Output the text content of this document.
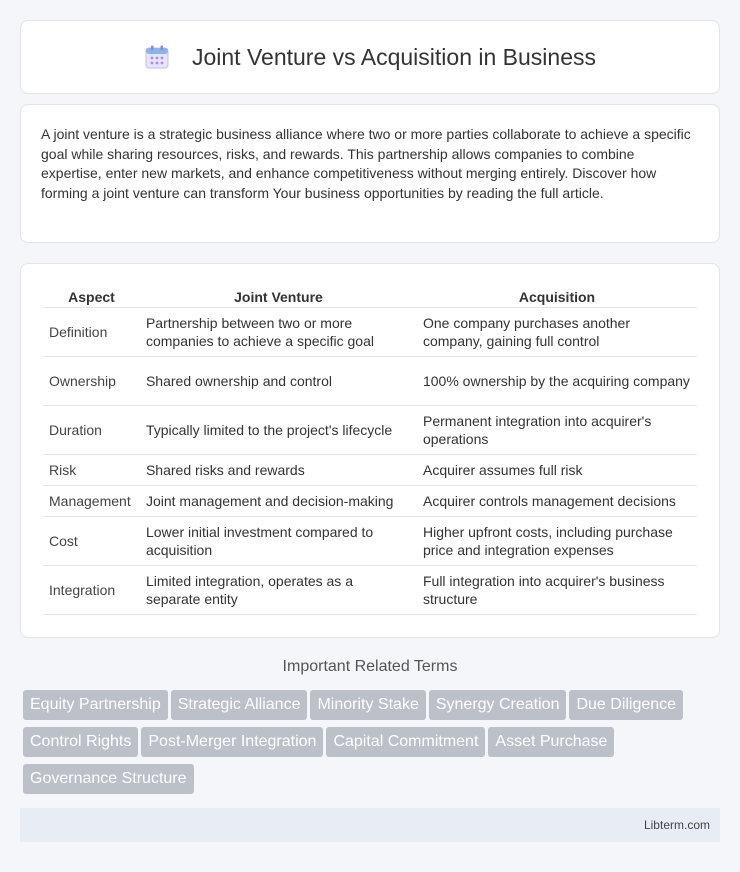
Joint Venture vs Acquisition in Business

A joint venture is a strategic business alliance where two or more parties collaborate to achieve a specific goal while sharing resources, risks, and rewards. This partnership allows companies to combine expertise, enter new markets, and enhance competitiveness without merging entirely. Discover how forming a joint venture can transform Your business opportunities by reading the full article.

Aspect	Joint Venture	Acquisition
Definition	Partnership between two or more companies to achieve a specific goal	One company purchases another company, gaining full control
Ownership	Shared ownership and control	100% ownership by the acquiring company
Duration	Typically limited to the project's lifecycle	Permanent integration into acquirer's operations
Risk	Shared risks and rewards	Acquirer assumes full risk
Management	Joint management and decision-making	Acquirer controls management decisions
Cost	Lower initial investment compared to acquisition	Higher upfront costs, including purchase price and integration expenses
Integration	Limited integration, operates as a separate entity	Full integration into acquirer's business structure
Important Related Terms
Equity Partnership Strategic Alliance Minority Stake Synergy Creation Due DiligenceControl Rights Post-Merger Integration Capital Commitment Asset PurchaseGovernance Structure
Libterm.com
